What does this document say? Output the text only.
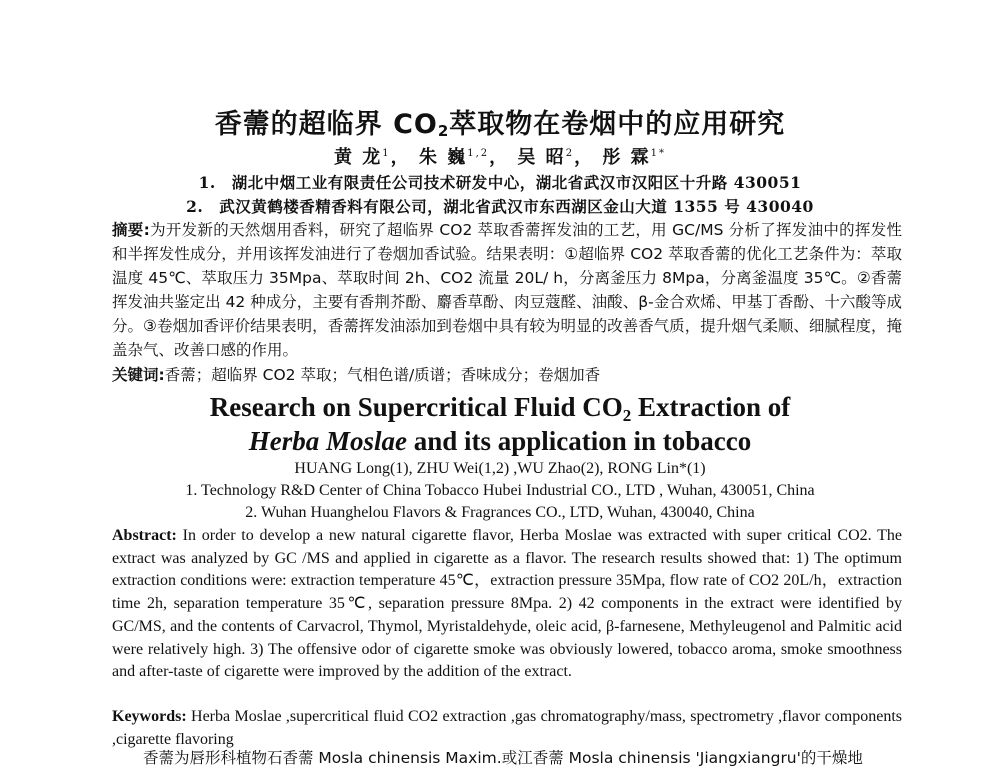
香薷的超临界 $CO_2$萃取物在卷烟中的应用研究
黄 龙$^1$， 朱 巍$^{1,2}$， 吴 昭$^2$， 彤 霖$^{1*}$
1.　湖北中烟工业有限责任公司技术研发中心，湖北省武汉市汉阳区十升路 430051
2.　武汉黄鹤楼香精香料有限公司，湖北省武汉市东西湖区金山大道 1355 号 430040
摘要:为开发新的天然烟用香料，研究了超临界 CO2 萃取香薷挥发油的工艺，用 GC/MS 分析了挥发油中的挥发性和半挥发性成分，并用该挥发油进行了卷烟加香试验。结果表明：①超临界 CO2 萃取香薷的优化工艺条件为：萃取温度 45℃、萃取压力 35Mpa、萃取时间 2h、CO2 流量 20L/ h，分离釜压力 8Mpa，分离釜温度 35℃。②香薷挥发油共鉴定出 42 种成分，主要有香荆芥酚、麝香草酚、肉豆蔻醛、油酸、β-金合欢烯、甲基丁香酚、十六酸等成分。③卷烟加香评价结果表明，香薷挥发油添加到卷烟中具有较为明显的改善香气质，提升烟气柔顺、细腻程度，掩盖杂气、改善口感的作用。
关键词:香薷；超临界 CO2 萃取；气相色谱/质谱；香味成分；卷烟加香
Research on Supercritical Fluid $CO_2$ Extraction of
Herba Moslae and its application in tobacco
HUANG Long(1), ZHU Wei(1,2) ,WU Zhao(2), RONG Lin*(1)
1. Technology R&D Center of China Tobacco Hubei Industrial CO., LTD , Wuhan, 430051, China
2. Wuhan Huanghelou Flavors & Fragrances CO., LTD, Wuhan, 430040, China
Abstract: In order to develop a new natural cigarette flavor, Herba Moslae was extracted with super critical CO2. The extract was analyzed by GC /MS and applied in cigarette as a flavor. The research results showed that: 1) The optimum extraction conditions were: extraction temperature 45℃，extraction pressure 35Mpa, flow rate of CO2 20L/h，extraction time 2h, separation temperature 35℃, separation pressure 8Mpa. 2) 42 components in the extract were identified by GC/MS, and the contents of Carvacrol, Thymol, Myristaldehyde, oleic acid, β-farnesene, Methyleugenol and Palmitic acid were relatively high. 3) The offensive odor of cigarette smoke was obviously lowered, tobacco aroma, smoke smoothness and after-taste of cigarette were improved by the addition of the extract.
Keywords: Herba Moslae ,supercritical fluid CO2 extraction ,gas chromatography/mass, spectrometry ,flavor components ,cigarette flavoring
　　香薷为唇形科植物石香薷 Mosla chinensis Maxim.或江香薷 Mosla chinensis 'Jiangxiangru'的干燥地
